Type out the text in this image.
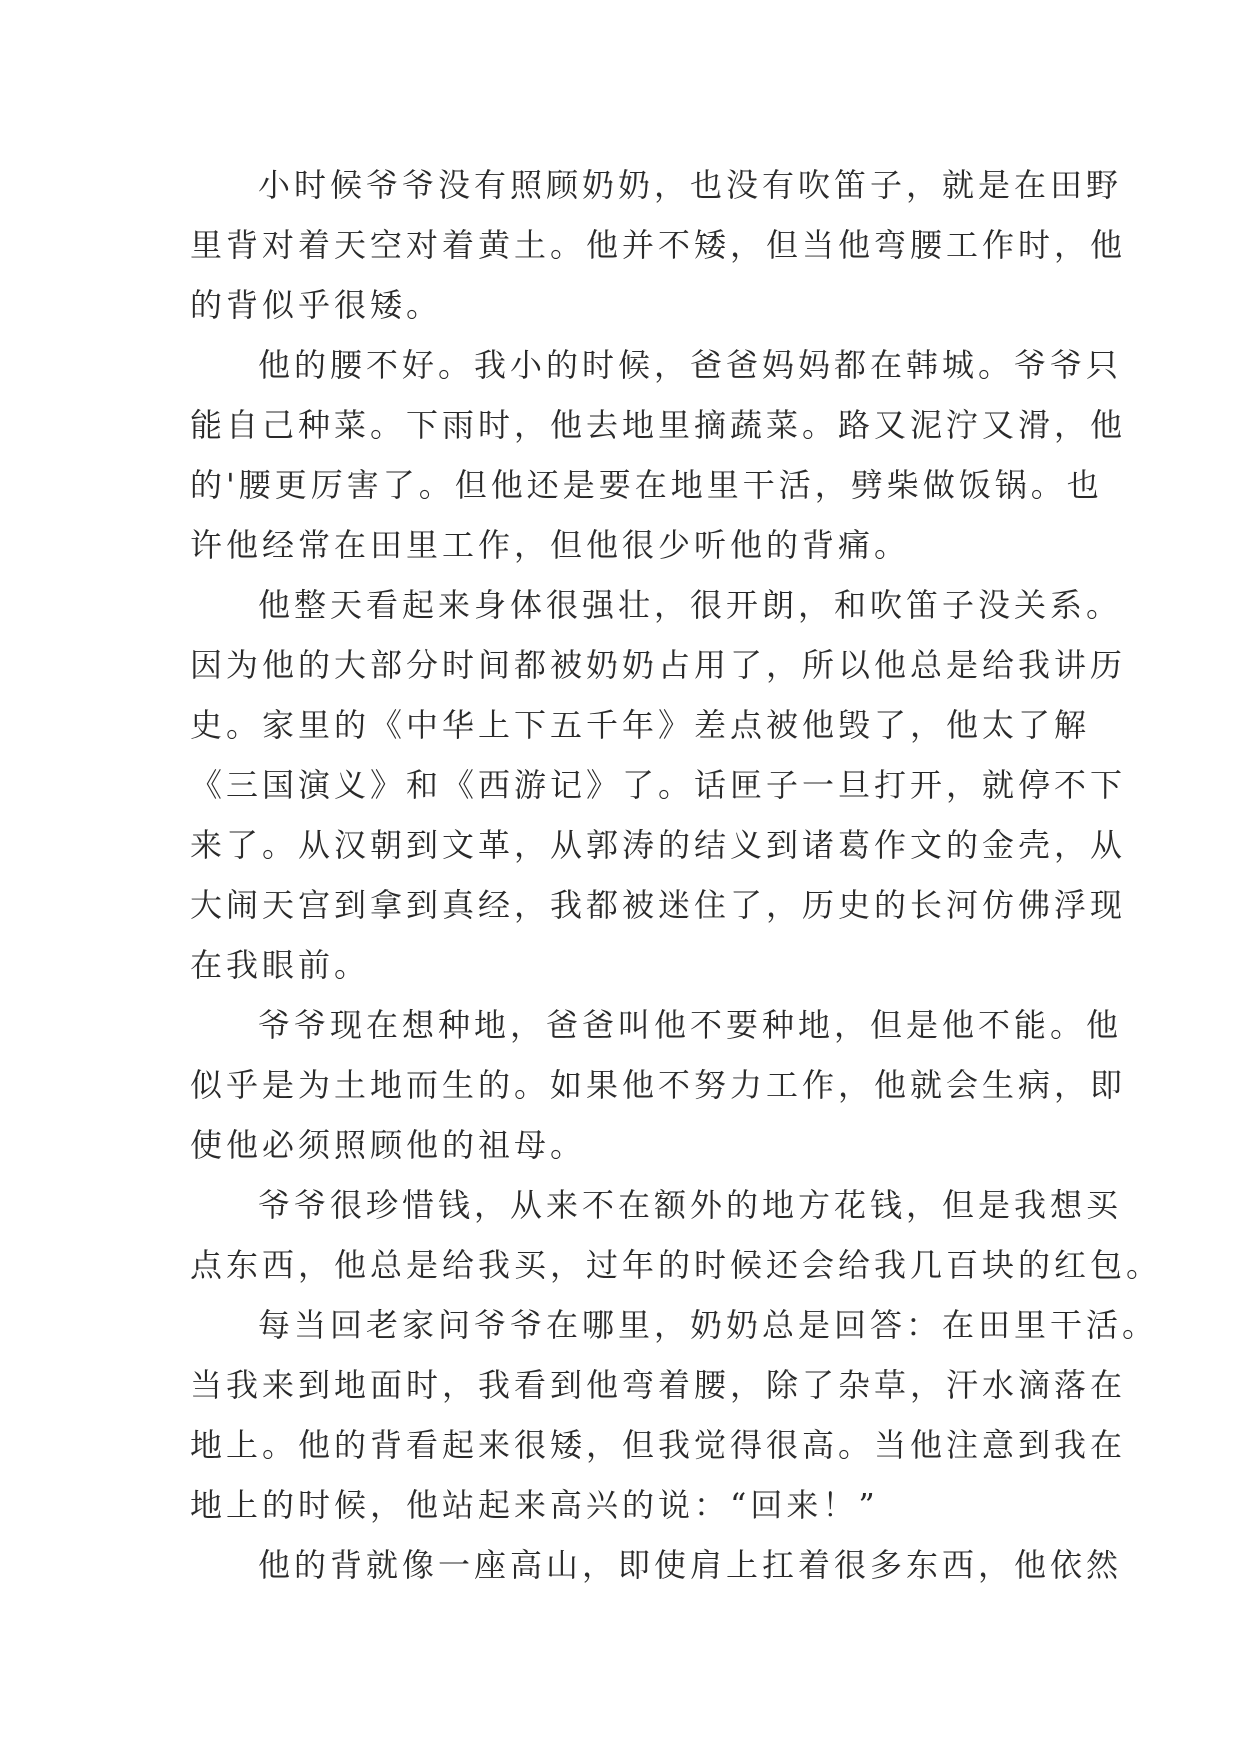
小时候爷爷没有照顾奶奶，也没有吹笛子，就是在田野
里背对着天空对着黄土。他并不矮，但当他弯腰工作时，他
的背似乎很矮。
他的腰不好。我小的时候，爸爸妈妈都在韩城。爷爷只
能自己种菜。下雨时，他去地里摘蔬菜。路又泥泞又滑，他
的'腰更厉害了。但他还是要在地里干活，劈柴做饭锅。也
许他经常在田里工作，但他很少听他的背痛。
他整天看起来身体很强壮，很开朗，和吹笛子没关系。
因为他的大部分时间都被奶奶占用了，所以他总是给我讲历
史。家里的《中华上下五千年》差点被他毁了，他太了解
《三国演义》和《西游记》了。话匣子一旦打开，就停不下
来了。从汉朝到文革，从郭涛的结义到诸葛作文的金壳，从
大闹天宫到拿到真经，我都被迷住了，历史的长河仿佛浮现
在我眼前。
爷爷现在想种地，爸爸叫他不要种地，但是他不能。他
似乎是为土地而生的。如果他不努力工作，他就会生病，即
使他必须照顾他的祖母。
爷爷很珍惜钱，从来不在额外的地方花钱，但是我想买
点东西，他总是给我买，过年的时候还会给我几百块的红包。
每当回老家问爷爷在哪里，奶奶总是回答：在田里干活。
当我来到地面时，我看到他弯着腰，除了杂草，汗水滴落在
地上。他的背看起来很矮，但我觉得很高。当他注意到我在
地上的时候，他站起来高兴的说：“回来！”
他的背就像一座高山，即使肩上扛着很多东西，他依然
